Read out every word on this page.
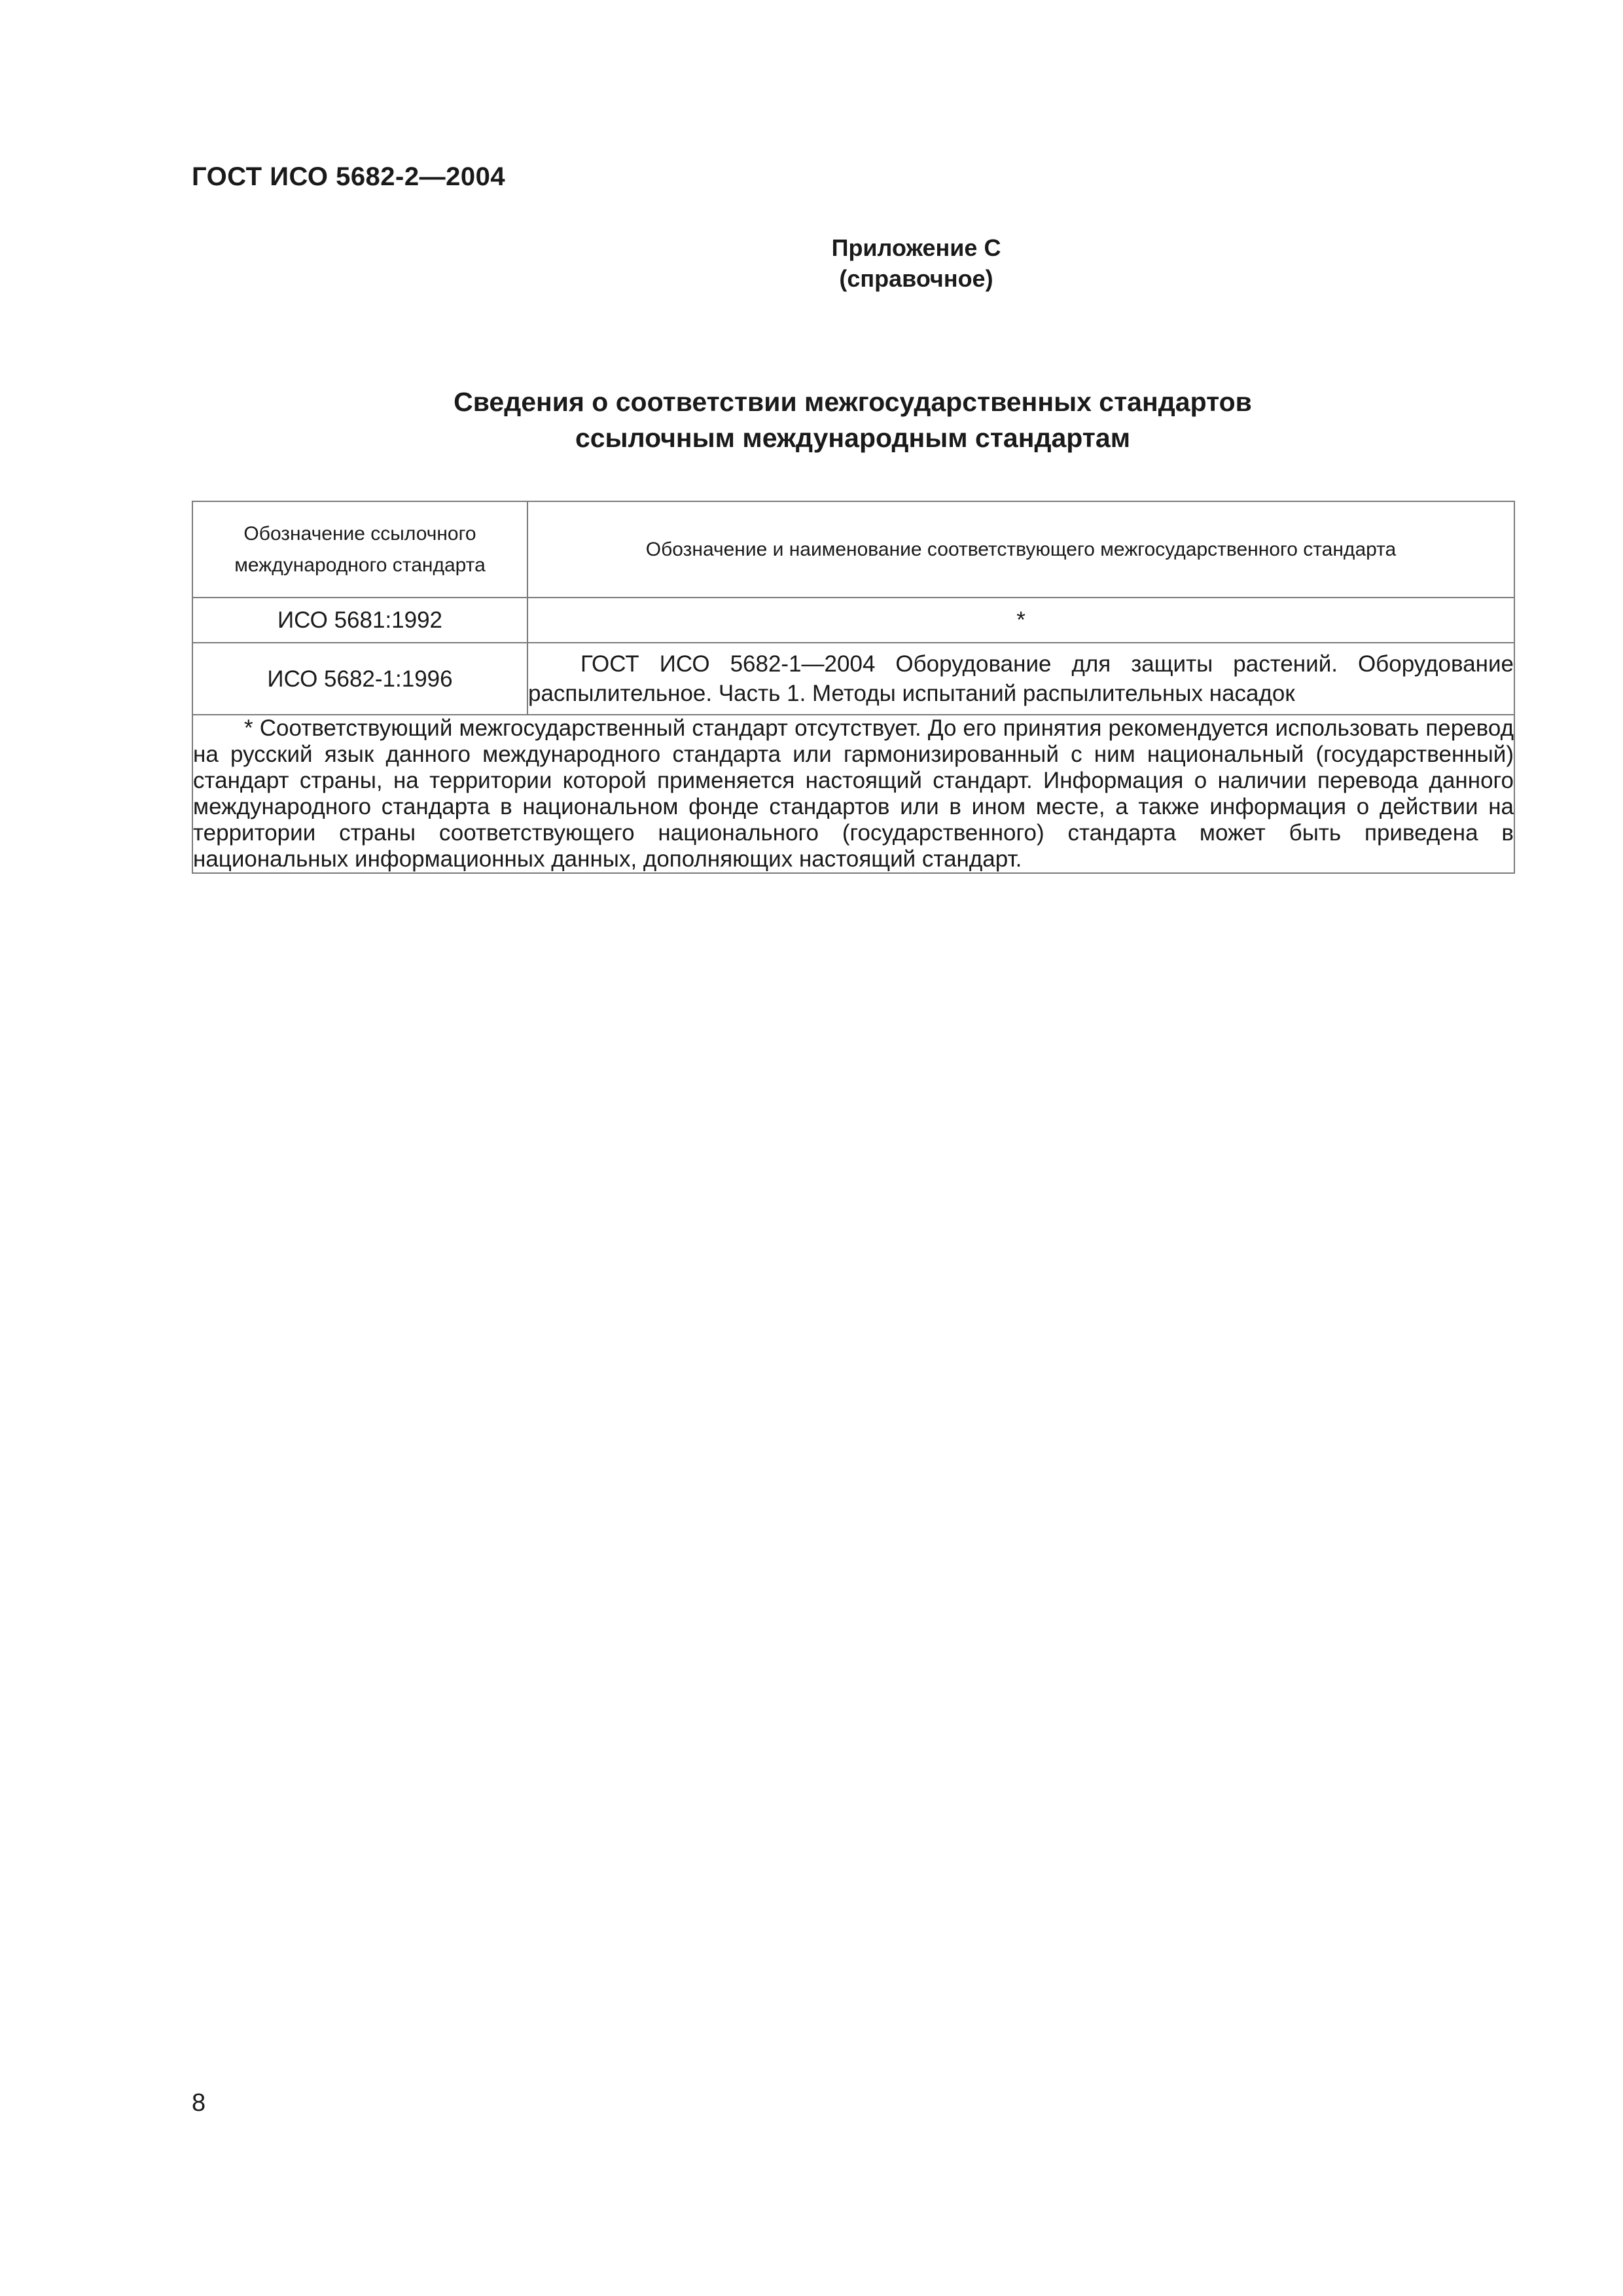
ГОСТ ИСО 5682-2—2004
Приложение С
(справочное)
Сведения о соответствии межгосударственных стандартов
ссылочным международным стандартам
Обозначение ссылочного
международного стандарта	Обозначение и наименование соответствующего межгосударственного стандарта
ИСО 5681:1992	*
ИСО 5682-1:1996	ГОСТ ИСО 5682-1—2004 Оборудование для защиты растений. Оборудование распылительное. Часть 1. Методы испытаний распылительных насадок
* Соответствующий межгосударственный стандарт отсутствует. До его принятия рекомендуется использовать перевод на русский язык данного международного стандарта или гармонизированный с ним национальный (государственный) стандарт страны, на территории которой применяется настоящий стандарт. Информация о наличии перевода данного международного стандарта в национальном фонде стандартов или в ином месте, а также информация о действии на территории страны соответствующего национального (государственного) стандарта может быть приведена в национальных информационных данных, дополняющих настоящий стандарт.	
8
